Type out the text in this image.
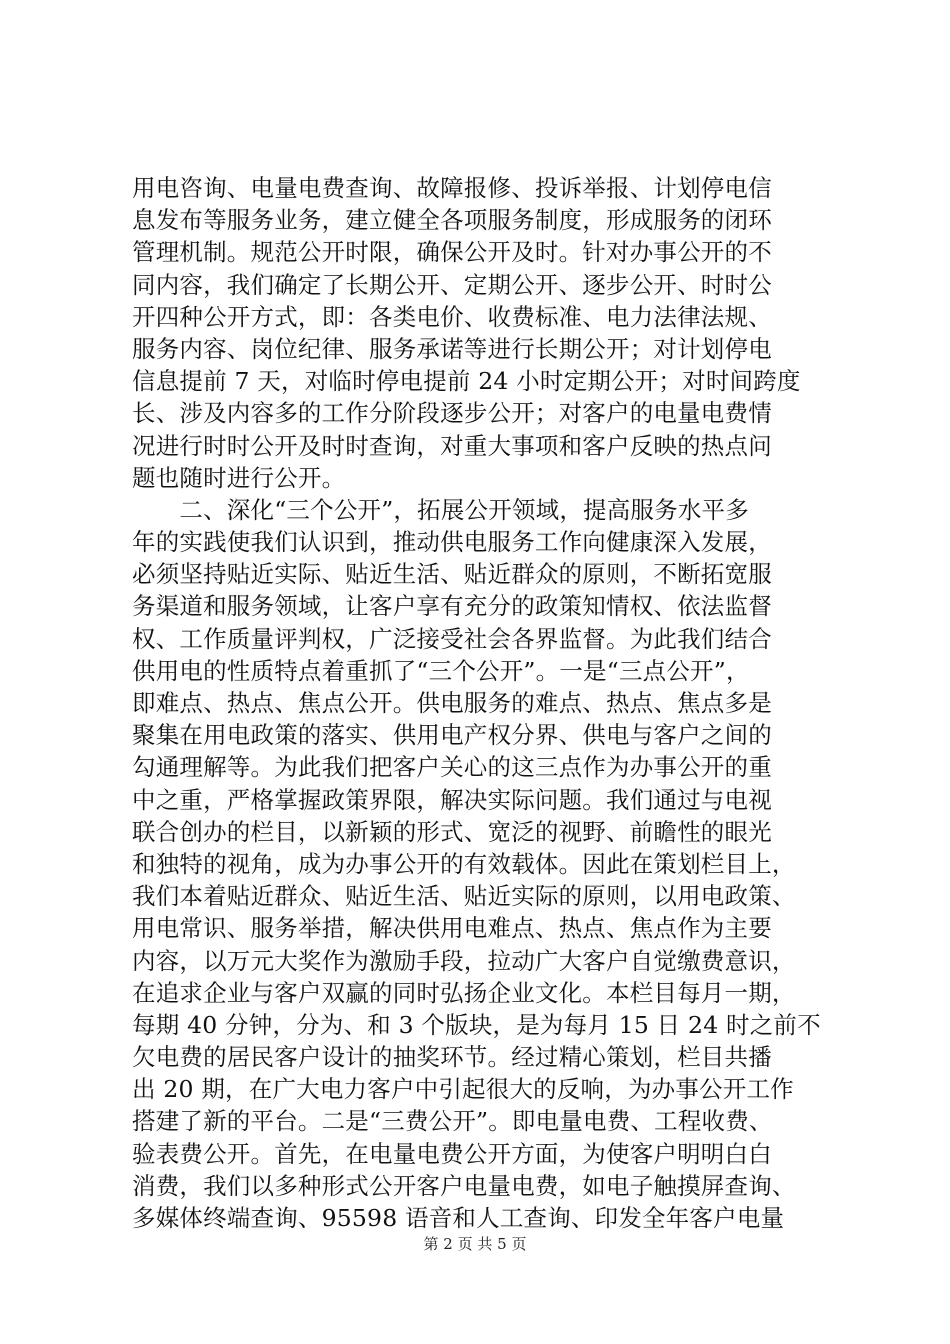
用电咨询、电量电费查询、故障报修、投诉举报、计划停电信
息发布等服务业务，建立健全各项服务制度，形成服务的闭环
管理机制。规范公开时限，确保公开及时。针对办事公开的不
同内容，我们确定了长期公开、定期公开、逐步公开、时时公
开四种公开方式，即：各类电价、收费标准、电力法律法规、
服务内容、岗位纪律、服务承诺等进行长期公开；对计划停电
信息提前 7 天，对临时停电提前 24 小时定期公开；对时间跨度
长、涉及内容多的工作分阶段逐步公开；对客户的电量电费情
况进行时时公开及时时查询，对重大事项和客户反映的热点问
题也随时进行公开。
　　二、深化“三个公开”，拓展公开领域，提高服务水平多
年的实践使我们认识到，推动供电服务工作向健康深入发展，
必须坚持贴近实际、贴近生活、贴近群众的原则，不断拓宽服
务渠道和服务领域，让客户享有充分的政策知情权、依法监督
权、工作质量评判权，广泛接受社会各界监督。为此我们结合
供用电的性质特点着重抓了“三个公开”。一是“三点公开”，
即难点、热点、焦点公开。供电服务的难点、热点、焦点多是
聚集在用电政策的落实、供用电产权分界、供电与客户之间的
勾通理解等。为此我们把客户关心的这三点作为办事公开的重
中之重，严格掌握政策界限，解决实际问题。我们通过与电视
联合创办的栏目，以新颖的形式、宽泛的视野、前瞻性的眼光
和独特的视角，成为办事公开的有效载体。因此在策划栏目上，
我们本着贴近群众、贴近生活、贴近实际的原则，以用电政策、
用电常识、服务举措，解决供用电难点、热点、焦点作为主要
内容，以万元大奖作为激励手段，拉动广大客户自觉缴费意识，
在追求企业与客户双赢的同时弘扬企业文化。本栏目每月一期，
每期 40 分钟，分为、和 3 个版块，是为每月 15 日 24 时之前不
欠电费的居民客户设计的抽奖环节。经过精心策划，栏目共播
出 20 期，在广大电力客户中引起很大的反响，为办事公开工作
搭建了新的平台。二是“三费公开”。即电量电费、工程收费、
验表费公开。首先，在电量电费公开方面，为使客户明明白白
消费，我们以多种形式公开客户电量电费，如电子触摸屏查询、
多媒体终端查询、95598 语音和人工查询、印发全年客户电量
第 2 页 共 5 页
